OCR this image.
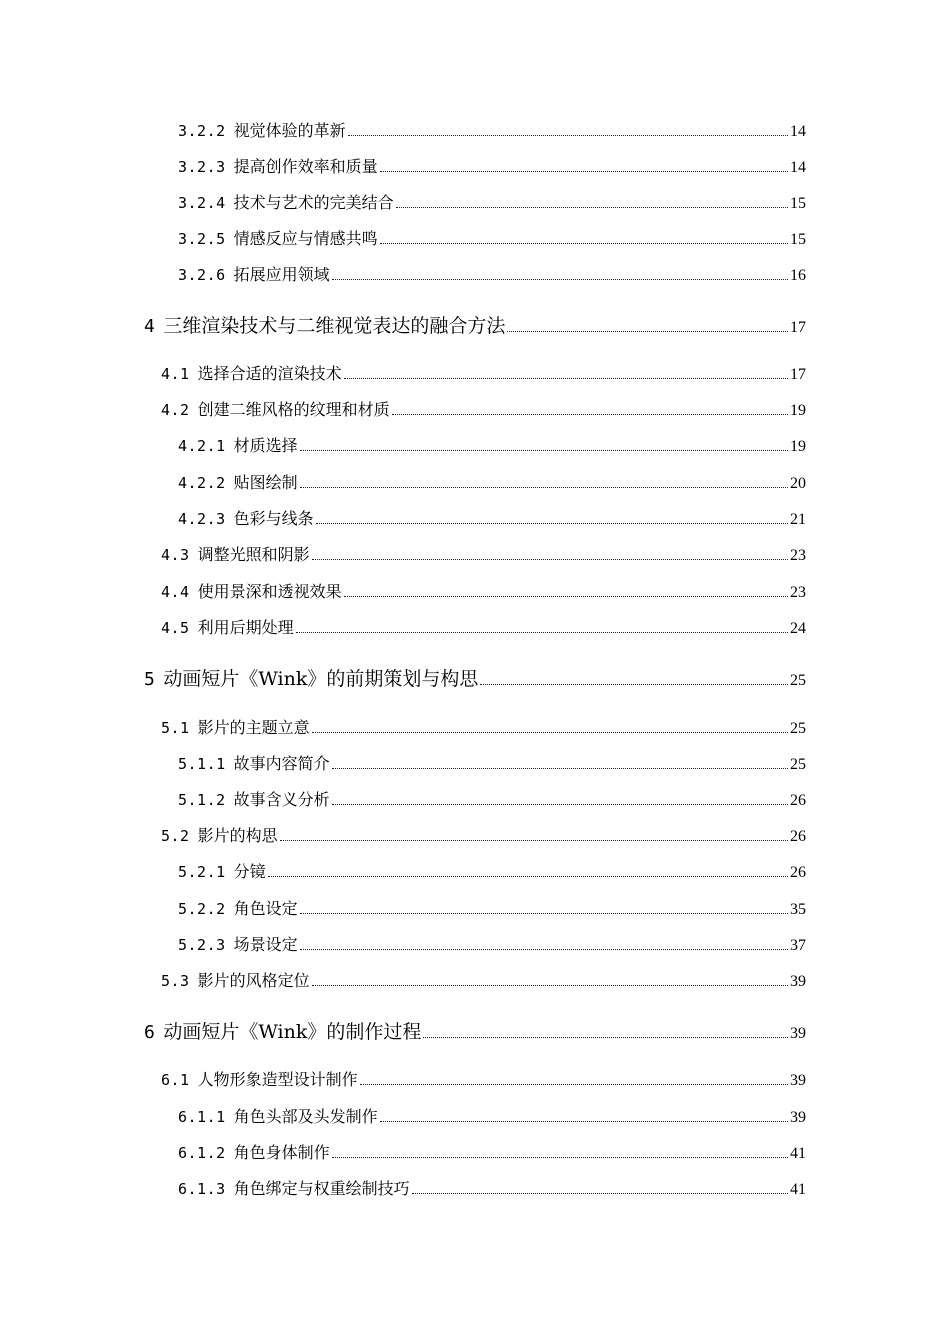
3.2.2 视觉体验的革新	14
3.2.3 提高创作效率和质量	14
3.2.4 技术与艺术的完美结合	15
3.2.5 情感反应与情感共鸣	15
3.2.6 拓展应用领域	16
4 三维渲染技术与二维视觉表达的融合方法	17
4.1 选择合适的渲染技术	17
4.2 创建二维风格的纹理和材质	19
4.2.1 材质选择	19
4.2.2 贴图绘制	20
4.2.3 色彩与线条	21
4.3 调整光照和阴影	23
4.4 使用景深和透视效果	23
4.5 利用后期处理	24
5 动画短片《Wink》的前期策划与构思	25
5.1 影片的主题立意	25
5.1.1 故事内容简介	25
5.1.2 故事含义分析	26
5.2 影片的构思	26
5.2.1 分镜	26
5.2.2 角色设定	35
5.2.3 场景设定	37
5.3 影片的风格定位	39
6 动画短片《Wink》的制作过程	39
6.1 人物形象造型设计制作	39
6.1.1 角色头部及头发制作	39
6.1.2 角色身体制作	41
6.1.3 角色绑定与权重绘制技巧	41
